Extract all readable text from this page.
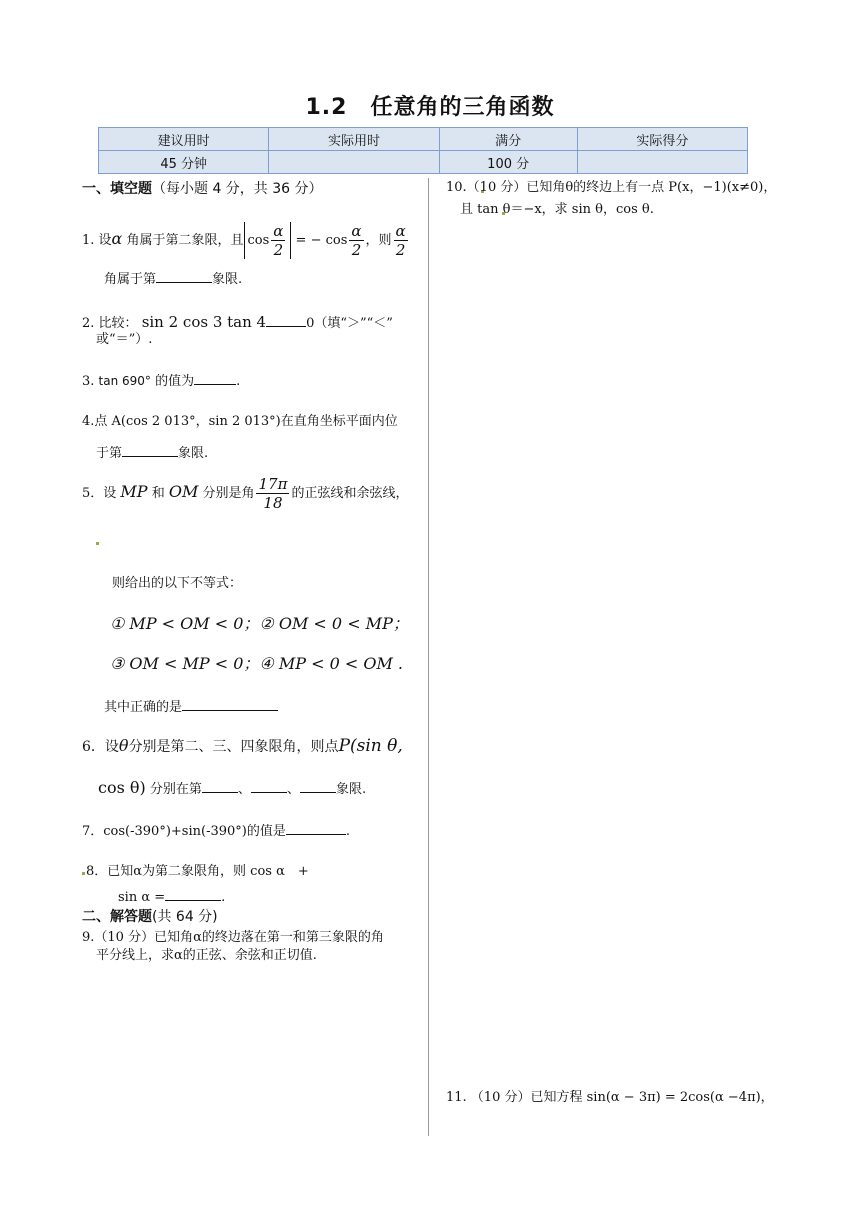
1.2　任意角的三角函数
建议用时	实际用时	满分	实际得分
45 分钟		100 分	
一、填空题（每小题 4 分，共 36 分）
1. 设α 角属于第二象限，且 $\cos \frac{\alpha}{2}$ = − $\cos \frac{\alpha}{2}$ ，则 $\frac{\alpha}{2}$
角属于第	象限.
2. 比较： sin 2 cos 3 tan 4	0（填“＞”“＜”
或“＝”）.
3. tan 690° 的值为	.
4.点 A(cos 2 013°，sin 2 013°)在直角坐标平面内位
于第	象限.
5．设 MP 和 OM 分别是角 $\frac{17\pi}{18}$ 的正弦线和余弦线，
则给出的以下不等式：
① MP < OM < 0；② OM < 0 < MP；
③ OM < MP < 0；④ MP < 0 < OM .
其中正确的是
6．设θ分别是第二、三、四象限角，则点P(sin θ,
cos θ) 分别在第	、	、	象限.
7．cos(-390°)+sin(-390°)的值是	.
8．已知α为第二象限角，则 cos α　+
sin α =	.
二、解答题(共 64 分)
9.（10 分）已知角α的终边落在第一和第三象限的角
平分线上，求α的正弦、余弦和正切值.
10.（10 分）已知角θ的终边上有一点 P(x，−1)(x≠0)，
且 tan θ＝−x，求 sin θ，cos θ.
11. （10 分）已知方程 sin(α − 3π) = 2cos(α −4π)，
